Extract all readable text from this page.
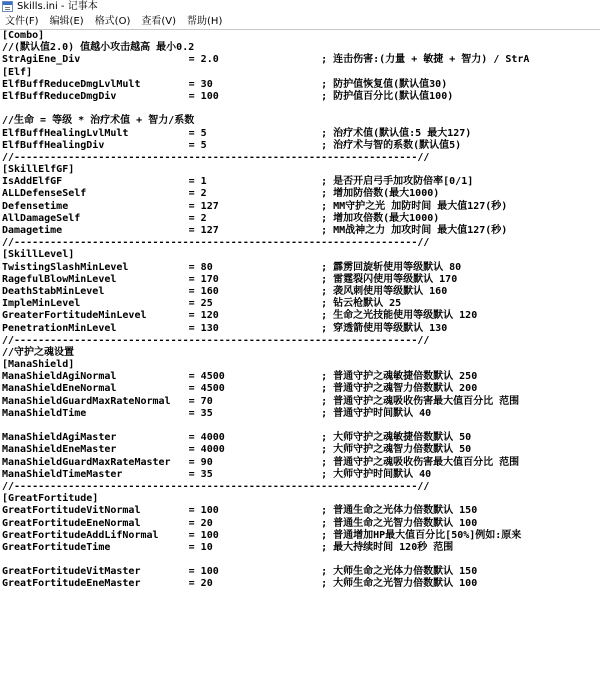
Skills.ini - 记事本
文件(F)	编辑(E)	格式(O)	查看(V)	帮助(H)
[Combo]
//(默认值2.0) 值越小攻击越高 最小0.2
StrAgiEne_Div                  = 2.0                 ; 连击伤害:(力量 + 敏捷 + 智力) / StrA
[Elf]
ElfBuffReduceDmgLvlMult        = 30                  ; 防护值恢复值(默认值30)
ElfBuffReduceDmgDiv            = 100                 ; 防护值百分比(默认值100)
//生命 = 等级 * 治疗术值 + 智力/系数
ElfBuffHealingLvlMult          = 5                   ; 治疗术值(默认值:5 最大127)
ElfBuffHealingDiv              = 5                   ; 治疗术与智的系数(默认值5)
//-------------------------------------------------------------------//
[SkillElfGF]
IsAddElfGF                     = 1                   ; 是否开启弓手加攻防倍率[0/1]
ALLDefenseSelf                 = 2                   ; 增加防倍数(最大1000)
Defensetime                    = 127                 ; MM守护之光 加防时间 最大值127(秒)
AllDamageSelf                  = 2                   ; 增加攻倍数(最大1000)
Damagetime                     = 127                 ; MM战神之力 加攻时间 最大值127(秒)
//-------------------------------------------------------------------//
[SkillLevel]
TwistingSlashMinLevel          = 80                  ; 霹雳回旋斩使用等级默认 80
RagefulBlowMinLevel            = 170                 ; 雷霆裂闪使用等级默认 170
DeathStabMinLevel              = 160                 ; 袭风刺使用等级默认 160
ImpleMinLevel                  = 25                  ; 钻云枪默认 25
GreaterFortitudeMinLevel       = 120                 ; 生命之光技能使用等级默认 120
PenetrationMinLevel            = 130                 ; 穿透箭使用等级默认 130
//-------------------------------------------------------------------//
//守护之魂设置
[ManaShield]
ManaShieldAgiNormal            = 4500                ; 普通守护之魂敏捷倍数默认 250
ManaShieldEneNormal            = 4500                ; 普通守护之魂智力倍数默认 200
ManaShieldGuardMaxRateNormal   = 70                  ; 普通守护之魂吸收伤害最大值百分比 范围
ManaShieldTime                 = 35                  ; 普通守护时间默认 40
ManaShieldAgiMaster            = 4000                ; 大师守护之魂敏捷倍数默认 50
ManaShieldEneMaster            = 4000                ; 大师守护之魂智力倍数默认 50
ManaShieldGuardMaxRateMaster   = 90                  ; 普通守护之魂吸收伤害最大值百分比 范围
ManaShieldTimeMaster           = 35                  ; 大师守护时间默认 40
//-------------------------------------------------------------------//
[GreatFortitude]
GreatFortitudeVitNormal        = 100                 ; 普通生命之光体力倍数默认 150
GreatFortitudeEneNormal        = 20                  ; 普通生命之光智力倍数默认 100
GreatFortitudeAddLifNormal     = 100                 ; 普通增加HP最大值百分比[50%]例如:原来
GreatFortitudeTime             = 10                  ; 最大持续时间 120秒 范围
GreatFortitudeVitMaster        = 100                 ; 大师生命之光体力倍数默认 150
GreatFortitudeEneMaster        = 20                  ; 大师生命之光智力倍数默认 100
